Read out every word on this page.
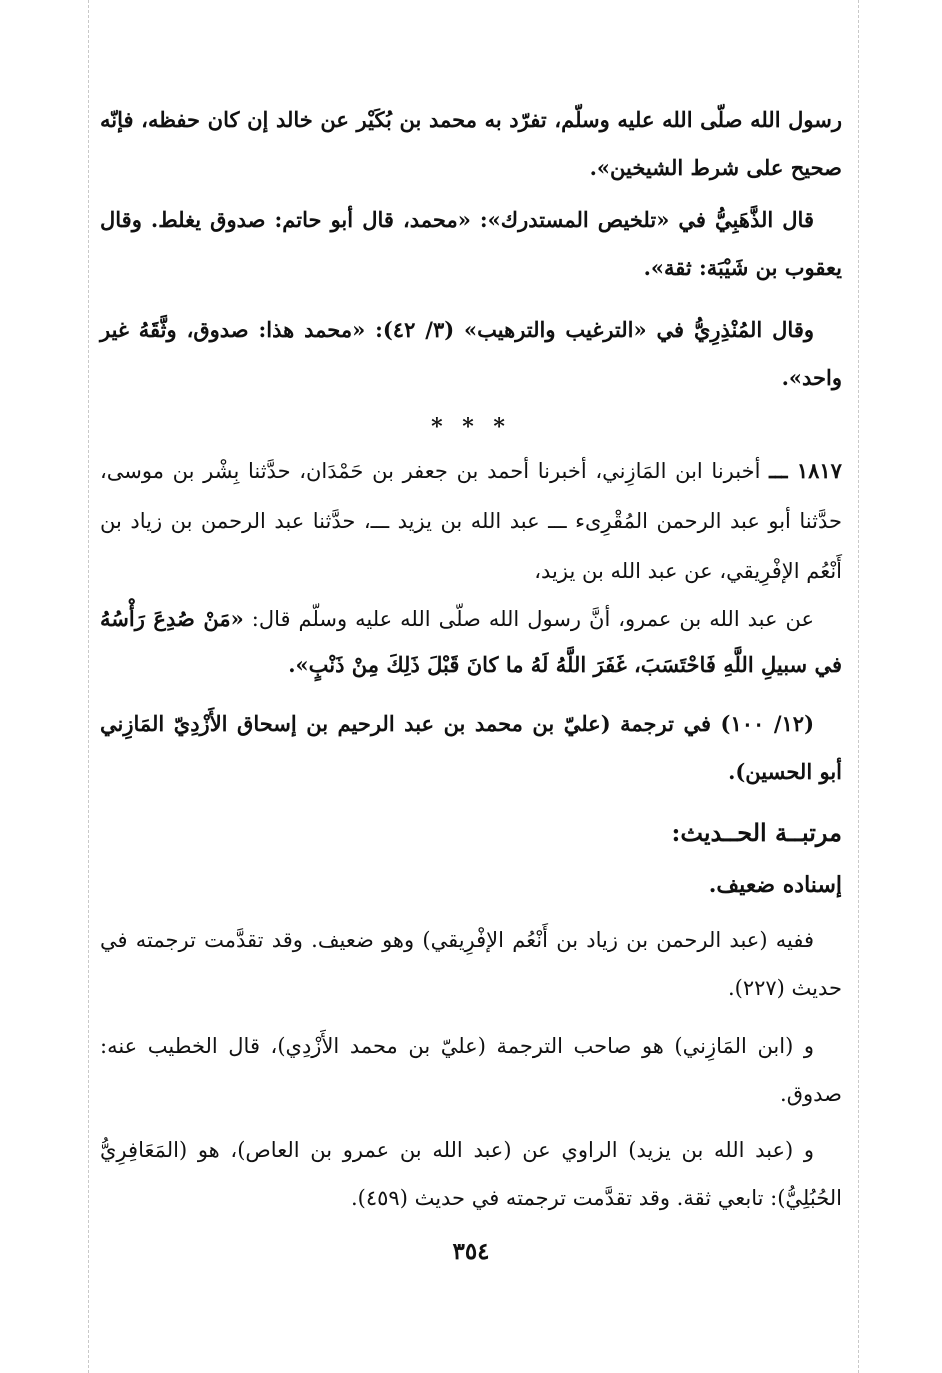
رسول الله صلّى الله عليه وسلّم، تفرّد به محمد بن بُكَيْر عن خالد إن كان حفظه، فإنّه صحيح على شرط الشيخين».

قال الذَّهَبِيُّ في «تلخيص المستدرك»: «محمد، قال أبو حاتم: صدوق يغلط. وقال يعقوب بن شَيْبَة: ثقة».

وقال المُنْذِرِيُّ في «الترغيب والترهيب» (٣/ ٤٢): «محمد هذا: صدوق، وثَّقَهُ غير واحد».

* * *

١٨١٧ ـــ أخبرنا ابن المَازِني، أخبرنا أحمد بن جعفر بن حَمْدَان، حدَّثنا بِشْر بن موسى، حدَّثنا أبو عبد الرحمن المُقْرِىء ـــ عبد الله بن يزيد ـــ، حدَّثنا عبد الرحمن بن زياد بن أَنْعُم الإفْرِيقي، عن عبد الله بن يزيد،

عن عبد الله بن عمرو، أنَّ رسول الله صلّى الله عليه وسلّم قال: «مَنْ صُدِعَ رَأْسُهُ في سبيلِ اللَّهِ فَاحْتَسَبَ، غَفَرَ اللَّهُ لَهُ ما كانَ قَبْلَ ذَلِكَ مِنْ ذَنْبٍ».

(١٢/ ١٠٠) في ترجمة (عليّ بن محمد بن عبد الرحيم بن إسحاق الأَزْدِيّ المَازِني أبو الحسين).

مرتبــة الحــديث:
إسناده ضعيف.

ففيه (عبد الرحمن بن زياد بن أَنْعُم الإفْرِيقي) وهو ضعيف. وقد تقدَّمت ترجمته في حديث (٢٢٧).

و (ابن المَازِني) هو صاحب الترجمة (عليّ بن محمد الأَزْدِي)، قال الخطيب عنه: صدوق.

و (عبد الله بن يزيد) الراوي عن (عبد الله بن عمرو بن العاص)، هو (المَعَافِرِيُّ الحُبُلِيُّ): تابعي ثقة. وقد تقدَّمت ترجمته في حديث (٤٥٩).

٣٥٤
